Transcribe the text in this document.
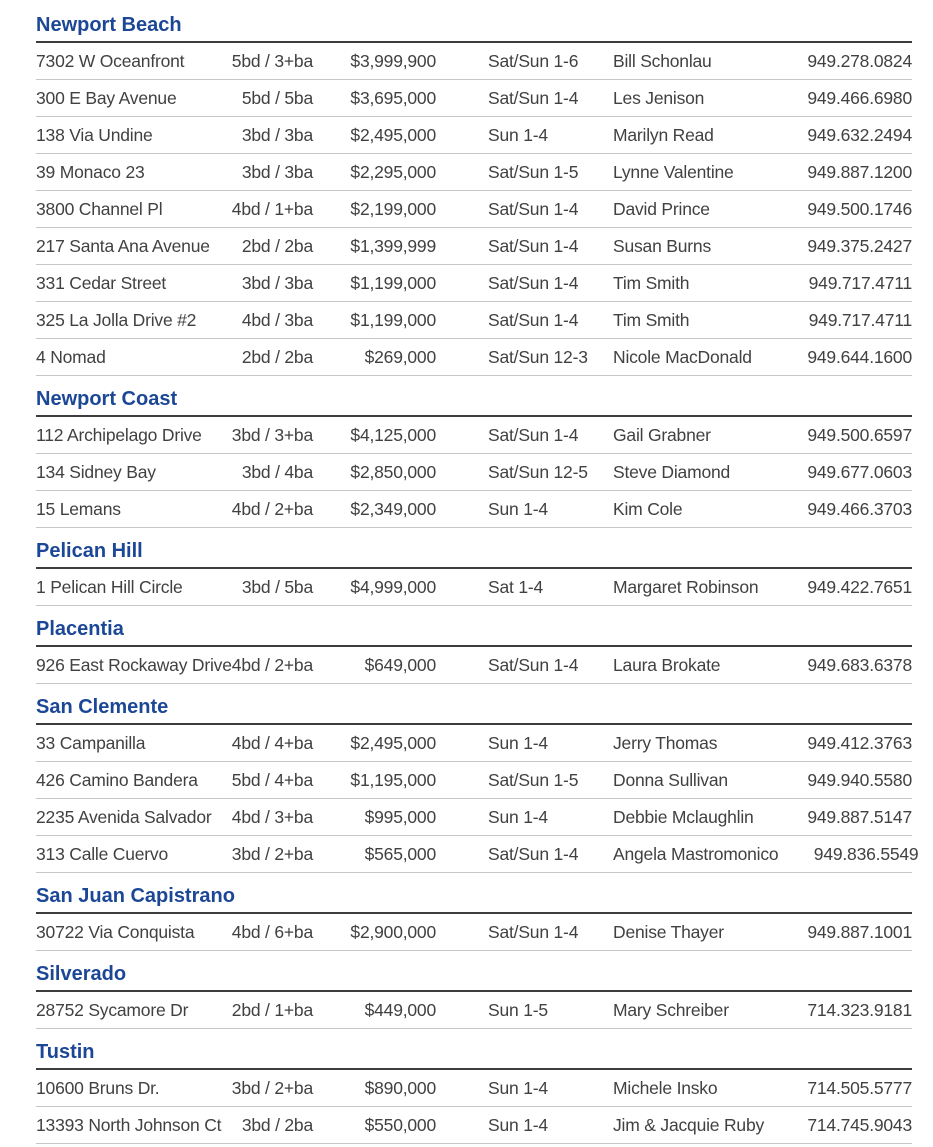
Newport Beach
7302 W Oceanfront	5bd / 3+ba	$3,999,900	Sat/Sun 1-6	Bill Schonlau	949.278.0824
300 E Bay Avenue	5bd / 5ba	$3,695,000	Sat/Sun 1-4	Les Jenison	949.466.6980
138 Via Undine	3bd / 3ba	$2,495,000	Sun 1-4	Marilyn Read	949.632.2494
39 Monaco 23	3bd / 3ba	$2,295,000	Sat/Sun 1-5	Lynne Valentine	949.887.1200
3800 Channel Pl	4bd / 1+ba	$2,199,000	Sat/Sun 1-4	David Prince	949.500.1746
217 Santa Ana Avenue	2bd / 2ba	$1,399,999	Sat/Sun 1-4	Susan Burns	949.375.2427
331 Cedar Street	3bd / 3ba	$1,199,000	Sat/Sun 1-4	Tim Smith	949.717.4711
325 La Jolla Drive #2	4bd / 3ba	$1,199,000	Sat/Sun 1-4	Tim Smith	949.717.4711
4 Nomad	2bd / 2ba	$269,000	Sat/Sun 12-3	Nicole MacDonald	949.644.1600
Newport Coast
112 Archipelago Drive	3bd / 3+ba	$4,125,000	Sat/Sun 1-4	Gail Grabner	949.500.6597
134 Sidney Bay	3bd / 4ba	$2,850,000	Sat/Sun 12-5	Steve Diamond	949.677.0603
15 Lemans	4bd / 2+ba	$2,349,000	Sun 1-4	Kim Cole	949.466.3703
Pelican Hill
1 Pelican Hill Circle	3bd / 5ba	$4,999,000	Sat 1-4	Margaret Robinson	949.422.7651
Placentia
926 East Rockaway Drive 4bd / 2+ba	$649,000	Sat/Sun 1-4	Laura Brokate	949.683.6378
San Clemente
33 Campanilla	4bd / 4+ba	$2,495,000	Sun 1-4	Jerry Thomas	949.412.3763
426 Camino Bandera	5bd / 4+ba	$1,195,000	Sat/Sun 1-5	Donna Sullivan	949.940.5580
2235 Avenida Salvador	4bd / 3+ba	$995,000	Sun 1-4	Debbie Mclaughlin	949.887.5147
313 Calle Cuervo	3bd / 2+ba	$565,000	Sat/Sun 1-4	Angela Mastromonico	949.836.5549
San Juan Capistrano
30722 Via Conquista	4bd / 6+ba	$2,900,000	Sat/Sun 1-4	Denise Thayer	949.887.1001
Silverado
28752 Sycamore Dr	2bd / 1+ba	$449,000	Sun 1-5	Mary Schreiber	714.323.9181
Tustin
10600 Bruns Dr.	3bd / 2+ba	$890,000	Sun 1-4	Michele Insko	714.505.5777
13393 North Johnson Ct	3bd / 2ba	$550,000	Sun 1-4	Jim & Jacquie Ruby	714.745.9043
